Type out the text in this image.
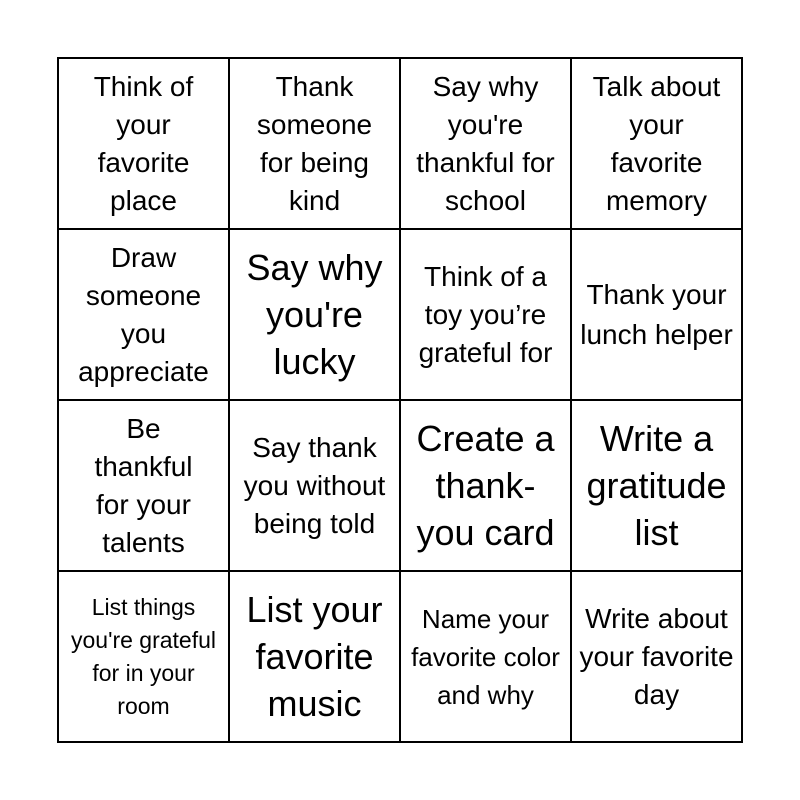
Think of your favorite place
Thank someone for being kind
Say why you're thankful for school
Talk about your favorite memory
Draw someone you appreciate
Say why you're lucky
Think of a toy you’re grateful for
Thank your lunch helper
Be thankful for your talents
Say thank you without being told
Create a thank-you card
Write a gratitude list
List things you're grateful for in your room
List your favorite music
Name your favorite color and why
Write about your favorite day
